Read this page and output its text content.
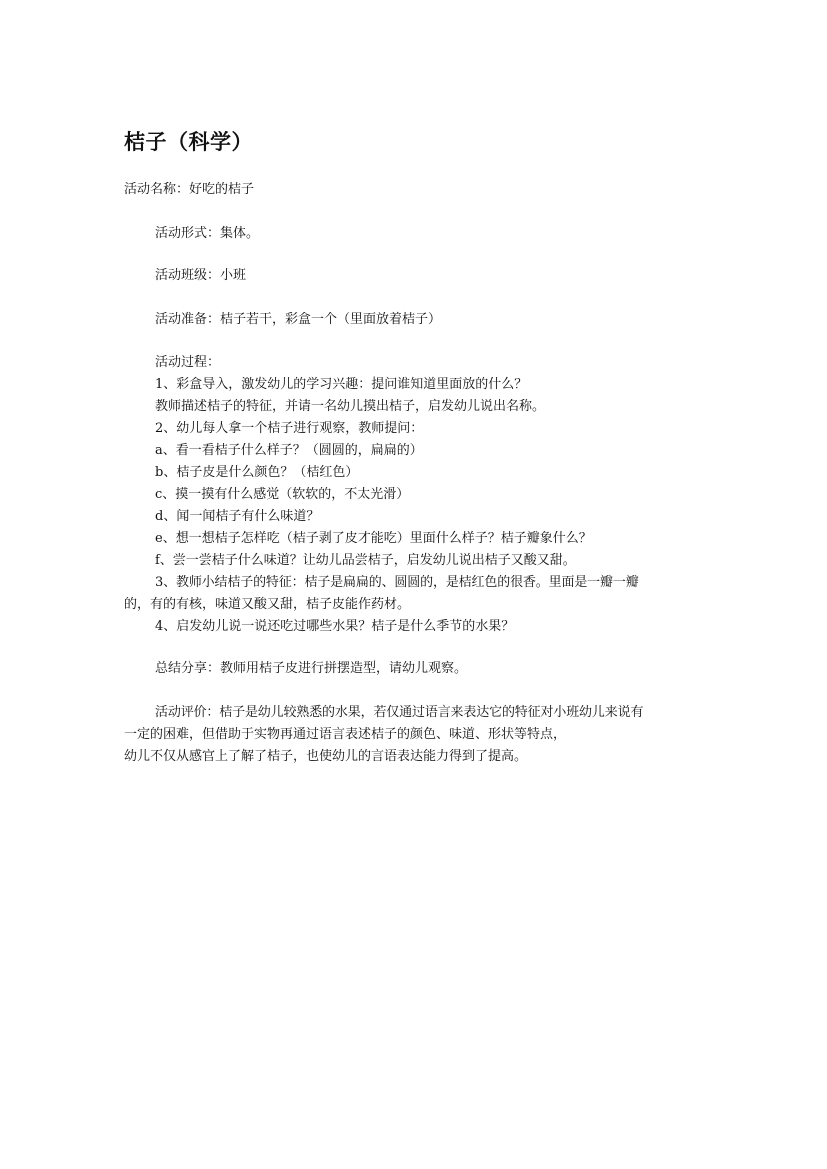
桔子（科学）
活动名称：好吃的桔子
活动形式：集体。
活动班级：小班
活动准备：桔子若干，彩盒一个（里面放着桔子）
活动过程：
1、彩盒导入，激发幼儿的学习兴趣：提问谁知道里面放的什么？
教师描述桔子的特征，并请一名幼儿摸出桔子，启发幼儿说出名称。
2、幼儿每人拿一个桔子进行观察，教师提问：
a、看一看桔子什么样子？（圆圆的，扁扁的）
b、桔子皮是什么颜色？（桔红色）
c、摸一摸有什么感觉（软软的，不太光滑）
d、闻一闻桔子有什么味道？
e、想一想桔子怎样吃（桔子剥了皮才能吃）里面什么样子？桔子瓣象什么？
f、尝一尝桔子什么味道？让幼儿品尝桔子，启发幼儿说出桔子又酸又甜。
3、教师小结桔子的特征：桔子是扁扁的、圆圆的，是桔红色的很香。里面是一瓣一瓣
的，有的有核，味道又酸又甜，桔子皮能作药材。
4、启发幼儿说一说还吃过哪些水果？桔子是什么季节的水果？
总结分享：教师用桔子皮进行拼摆造型，请幼儿观察。
活动评价：桔子是幼儿较熟悉的水果，若仅通过语言来表达它的特征对小班幼儿来说有
一定的困难，但借助于实物再通过语言表述桔子的颜色、味道、形状等特点，
幼儿不仅从感官上了解了桔子，也使幼儿的言语表达能力得到了提高。
